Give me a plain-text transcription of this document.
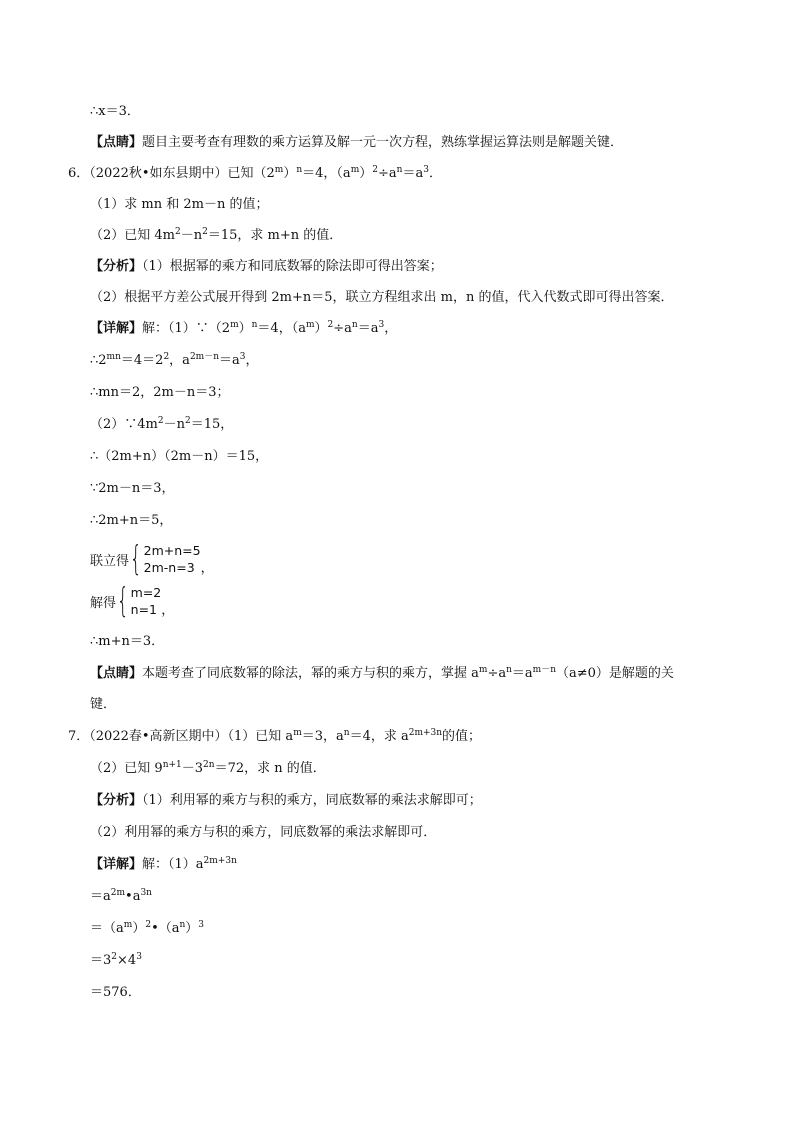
∴x＝3．
【点睛】题目主要考查有理数的乘方运算及解一元一次方程，熟练掌握运算法则是解题关键．
6．（2022秋•如东县期中）已知$(2^m)^n=4$，$(a^m)^2\div a^n=a^3$．
（1）求 mn 和 2m－n 的值；
（2）已知 $4m^2-n^2=15$，求 m+n 的值．
【分析】（1）根据幂的乘方和同底数幂的除法即可得出答案；
（2）根据平方差公式展开得到 2m+n＝5，联立方程组求出 m，n 的值，代入代数式即可得出答案．
【详解】解：$(1)\because(2^m)^n=4$，$(a^m)^2\div a^n=a^3$，
$\therefore 2^{mn}=4=2^2$，$a^{2m-n}=a^3$，
∴mn＝2，2m－n＝3；
$(2)\because 4m^2-n^2=15$，
∴（2m+n）（2m－n）＝15，
∵2m－n＝3，
∴2m+n＝5，
联立得 { 2m+n=5
2m-n=3 ，
解得 { m=2
n=1 ，
∴m+n＝3．
【点睛】本题考查了同底数幂的除法，幂的乘方与积的乘方，掌握 $a^m\div a^n=a^{m-n}(a\ne 0)$是解题的关
键．
7．（2022春•高新区期中）（1）已知 $a^m=3$，$a^n=4$，求 $a^{2m+3n}$的值；
（2）已知 $9^{n+1}-3^{2n}=72$，求 n 的值．
【分析】（1）利用幂的乘方与积的乘方，同底数幂的乘法求解即可；
（2）利用幂的乘方与积的乘方，同底数幂的乘法求解即可．
【详解】解：$(1)a^{2m+3n}$
$=a^{2m}•a^{3n}$
$=(a^m)^2•(a^n)^3$
$=3^2\times 4^3$
＝576．
